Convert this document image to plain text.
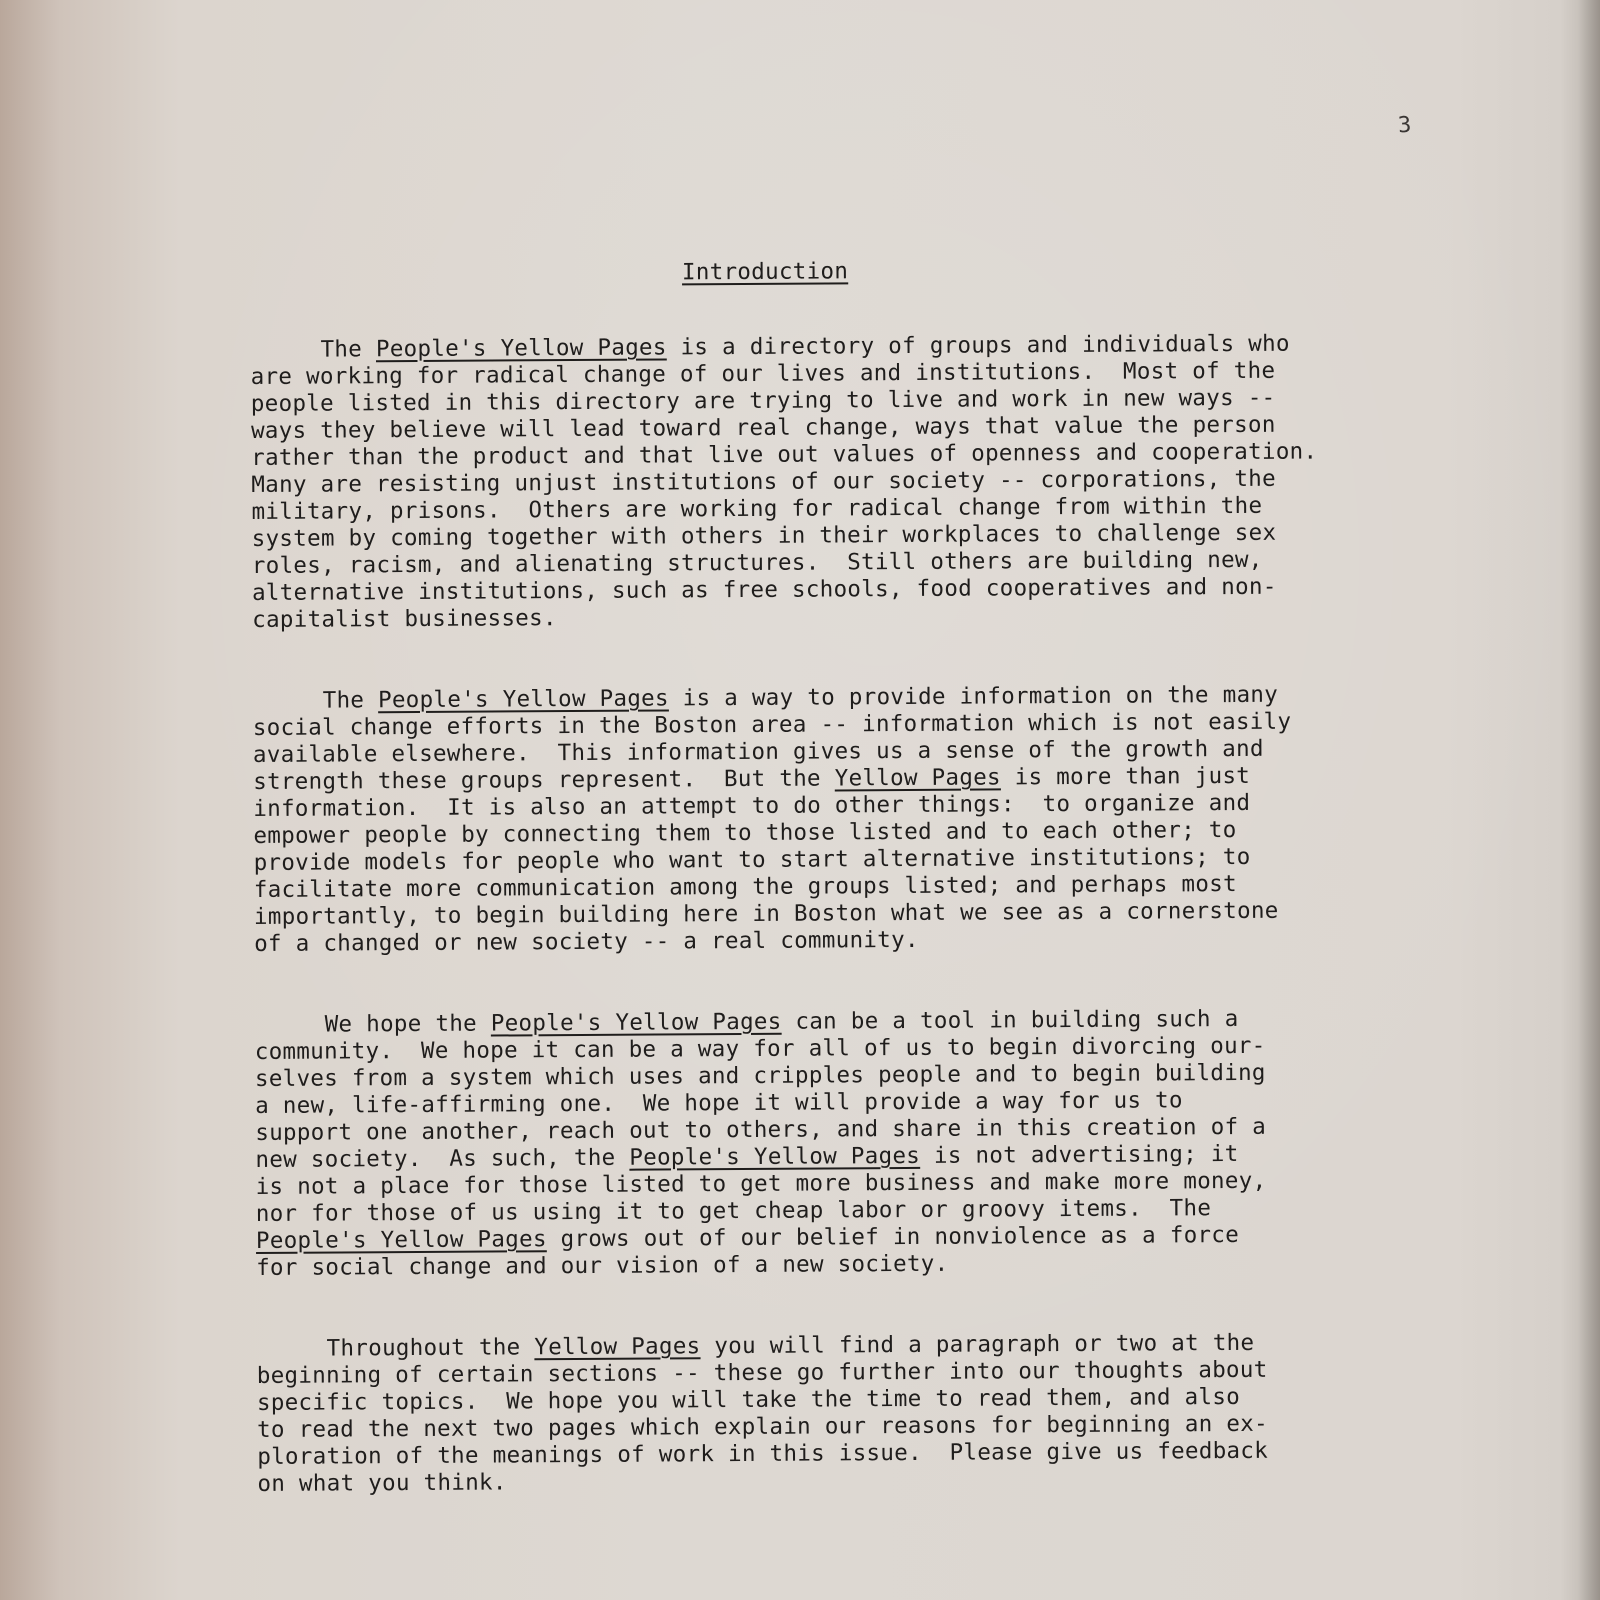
3
Introduction
The People's Yellow Pages is a directory of groups and individuals who
are working for radical change of our lives and institutions.  Most of the
people listed in this directory are trying to live and work in new ways --
ways they believe will lead toward real change, ways that value the person
rather than the product and that live out values of openness and cooperation.
Many are resisting unjust institutions of our society -- corporations, the
military, prisons.  Others are working for radical change from within the
system by coming together with others in their workplaces to challenge sex
roles, racism, and alienating structures.  Still others are building new,
alternative institutions, such as free schools, food cooperatives and non-
capitalist businesses.
The People's Yellow Pages is a way to provide information on the many
social change efforts in the Boston area -- information which is not easily
available elsewhere.  This information gives us a sense of the growth and
strength these groups represent.  But the Yellow Pages is more than just
information.  It is also an attempt to do other things:  to organize and
empower people by connecting them to those listed and to each other; to
provide models for people who want to start alternative institutions; to
facilitate more communication among the groups listed; and perhaps most
importantly, to begin building here in Boston what we see as a cornerstone
of a changed or new society -- a real community.
We hope the People's Yellow Pages can be a tool in building such a
community.  We hope it can be a way for all of us to begin divorcing our-
selves from a system which uses and cripples people and to begin building
a new, life-affirming one.  We hope it will provide a way for us to
support one another, reach out to others, and share in this creation of a
new society.  As such, the People's Yellow Pages is not advertising; it
is not a place for those listed to get more business and make more money,
nor for those of us using it to get cheap labor or groovy items.  The
People's Yellow Pages grows out of our belief in nonviolence as a force
for social change and our vision of a new society.
Throughout the Yellow Pages you will find a paragraph or two at the
beginning of certain sections -- these go further into our thoughts about
specific topics.  We hope you will take the time to read them, and also
to read the next two pages which explain our reasons for beginning an ex-
ploration of the meanings of work in this issue.  Please give us feedback
on what you think.
